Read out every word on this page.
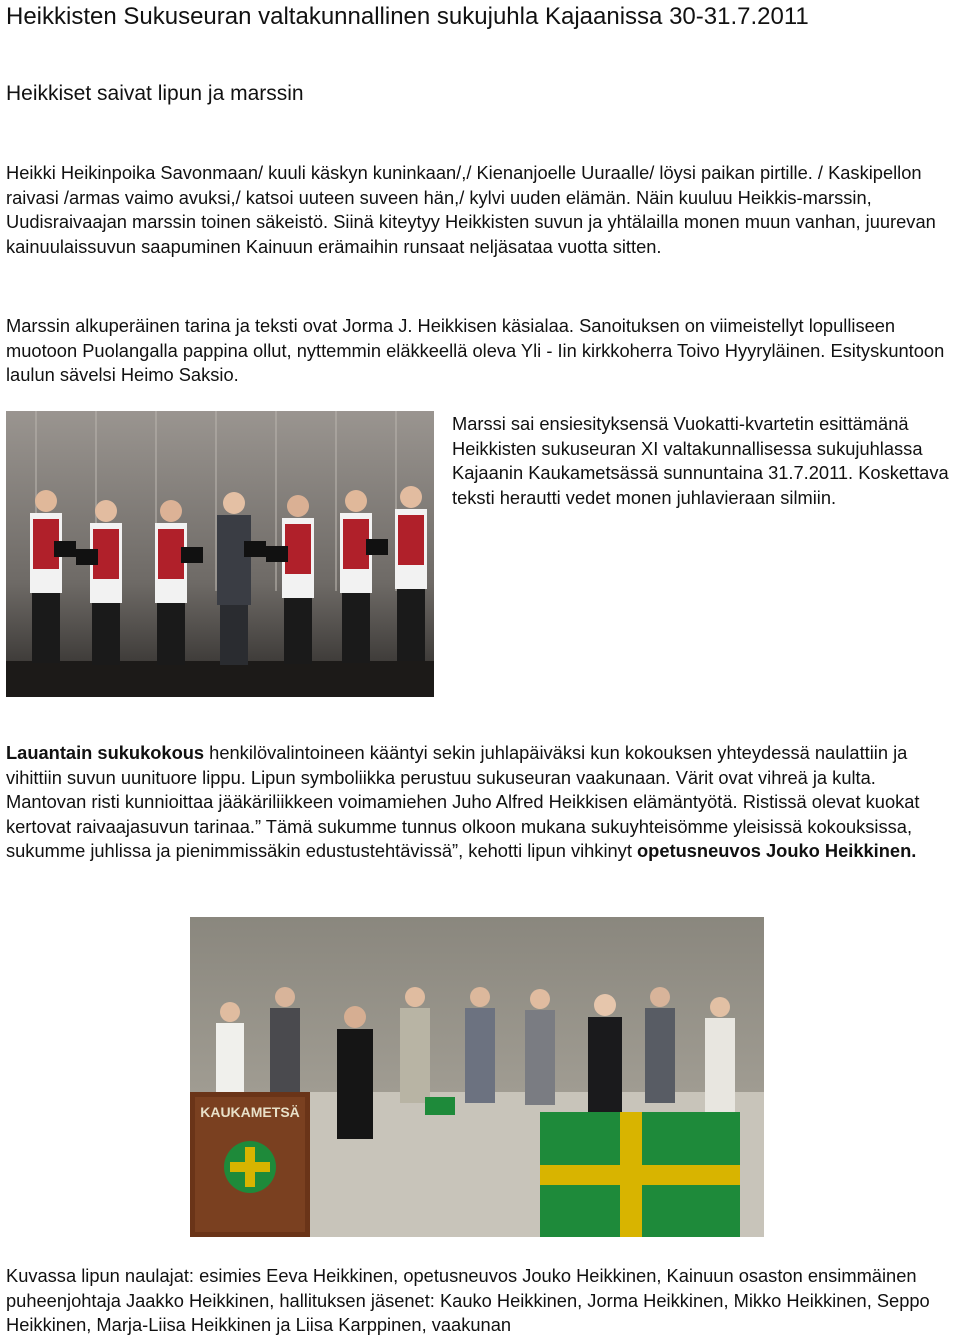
Heikkisten Sukuseuran valtakunnallinen sukujuhla Kajaanissa 30-31.7.2011
Heikkiset saivat lipun ja marssin

Heikki Heikinpoika Savonmaan/ kuuli käskyn kuninkaan/,/ Kienanjoelle Uuraalle/ löysi paikan pirtille. / Kaskipellon raivasi /armas vaimo avuksi,/ katsoi uuteen suveen hän,/ kylvi uuden elämän. Näin kuuluu Heikkis-marssin, Uudisraivaajan marssin toinen säkeistö. Siinä kiteytyy Heikkisten suvun ja yhtälailla monen muun vanhan, juurevan kainuulaissuvun saapuminen Kainuun erämaihin runsaat neljäsataa vuotta sitten.

Marssin alkuperäinen tarina ja teksti ovat Jorma J. Heikkisen käsialaa. Sanoituksen on viimeistellyt lopulliseen muotoon Puolangalla pappina ollut, nyttemmin eläkkeellä oleva Yli - Iin kirkkoherra Toivo Hyyryläinen. Esityskuntoon laulun sävelsi Heimo Saksio.

Marssi sai ensiesityksensä Vuokatti-kvartetin esittämänä Heikkisten sukuseuran XI valtakunnallisessa sukujuhlassa Kajaanin Kaukametsässä sunnuntaina 31.7.2011. Koskettava teksti herautti vedet monen juhlavieraan silmiin.

Lauantain sukukokous henkilövalintoineen kääntyi sekin juhlapäiväksi kun kokouksen yhteydessä naulattiin ja vihittiin suvun uunituore lippu. Lipun symboliikka perustuu sukuseuran vaakunaan. Värit ovat vihreä ja kulta. Mantovan risti kunnioittaa jääkäriliikkeen voimamiehen Juho Alfred Heikkisen elämäntyötä. Ristissä olevat kuokat kertovat raivaajasuvun tarinaa.” Tämä sukumme tunnus olkoon mukana sukuyhteisömme yleisissä kokouksissa, sukumme juhlissa ja pienimmissäkin edustustehtävissä”, kehotti lipun vihkinyt opetusneuvos Jouko Heikkinen.

KAUKAMETSÄ

Kuvassa lipun naulajat: esimies Eeva Heikkinen, opetusneuvos Jouko Heikkinen, Kainuun osaston ensimmäinen puheenjohtaja Jaakko Heikkinen, hallituksen jäsenet: Kauko Heikkinen, Jorma Heikkinen, Mikko Heikkinen, Seppo Heikkinen, Marja-Liisa Heikkinen ja Liisa Karppinen, vaakunan
